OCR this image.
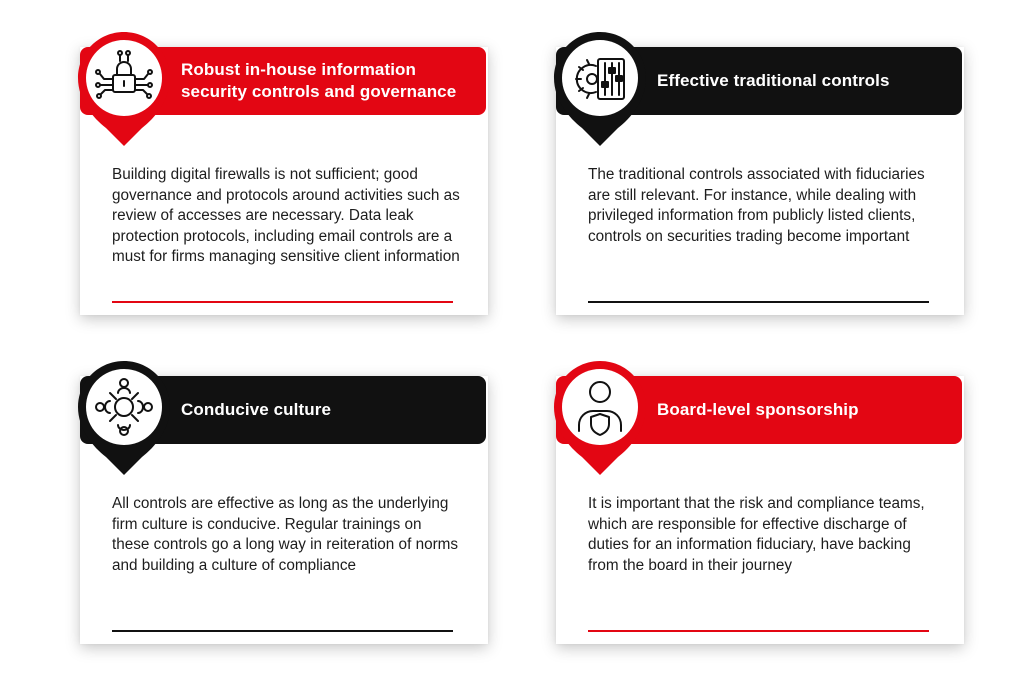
Building digital firewalls is not sufficient; good governance and protocols around activities such as review of accesses are necessary. Data leak protection protocols, including email controls are a must for firms managing sensitive client information
Robust in-house information security controls and governance
The traditional controls associated with fiduciaries are still relevant. For instance, while dealing with privileged information from publicly listed clients, controls on securities trading become important
Effective traditional controls
All controls are effective as long as the underlying firm culture is conducive. Regular trainings on these controls go a long way in reiteration of norms and building a culture of compliance
Conducive culture
It is important that the risk and compliance teams, which are responsible for effective discharge of duties for an information fiduciary, have backing from the board in their journey
Board-level sponsorship
